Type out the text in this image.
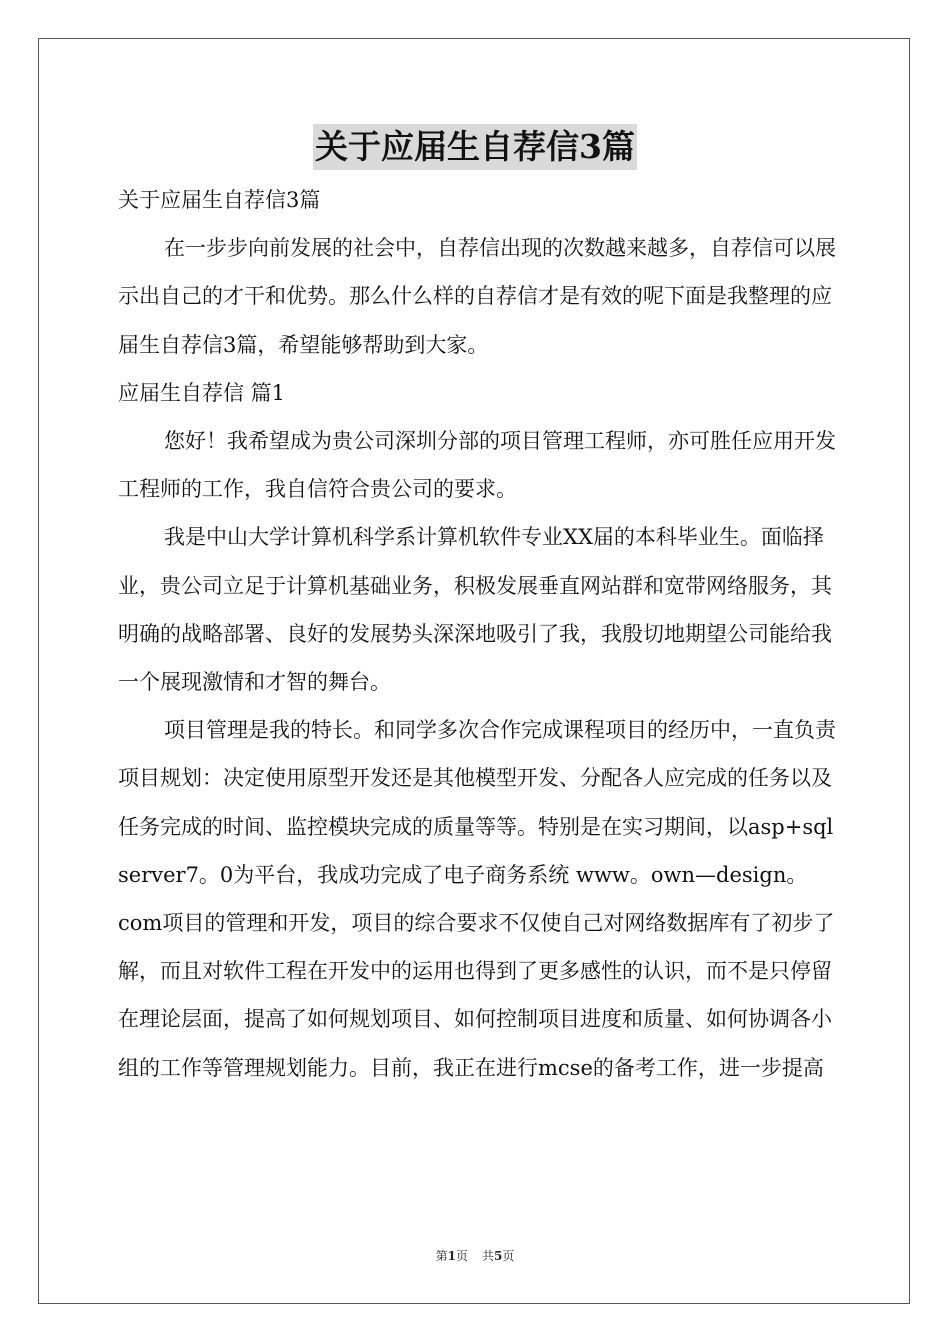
关于应届生自荐信3篇

关于应届生自荐信3篇

在一步步向前发展的社会中，自荐信出现的次数越来越多，自荐信可以展示出自己的才干和优势。那么什么样的自荐信才是有效的呢下面是我整理的应届生自荐信3篇，希望能够帮助到大家。

应届生自荐信 篇1

您好！我希望成为贵公司深圳分部的项目管理工程师，亦可胜任应用开发工程师的工作，我自信符合贵公司的要求。

我是中山大学计算机科学系计算机软件专业XX届的本科毕业生。面临择业，贵公司立足于计算机基础业务，积极发展垂直网站群和宽带网络服务，其明确的战略部署、良好的发展势头深深地吸引了我，我殷切地期望公司能给我一个展现激情和才智的舞台。

项目管理是我的特长。和同学多次合作完成课程项目的经历中，一直负责项目规划：决定使用原型开发还是其他模型开发、分配各人应完成的任务以及任务完成的时间、监控模块完成的质量等等。特别是在实习期间，以asp+sql server7。0为平台，我成功完成了电子商务系统 www。own—design。com项目的管理和开发，项目的综合要求不仅使自己对网络数据库有了初步了解，而且对软件工程在开发中的运用也得到了更多感性的认识，而不是只停留在理论层面，提高了如何规划项目、如何控制项目进度和质量、如何协调各小组的工作等管理规划能力。目前，我正在进行mcse的备考工作，进一步提高

第1页 共5页
